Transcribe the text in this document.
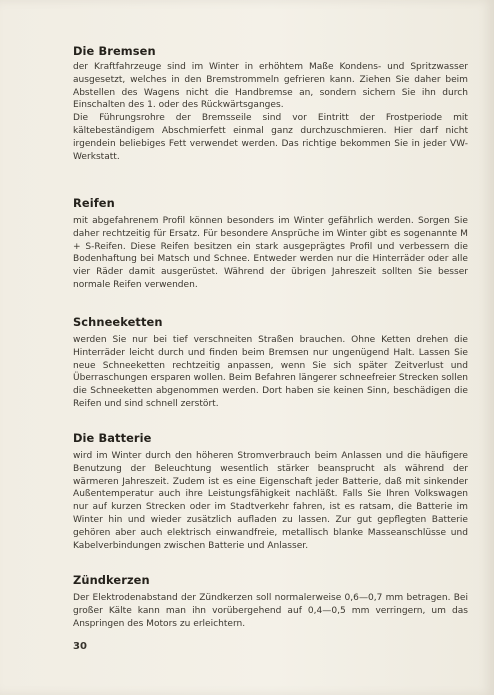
Die Bremsen

der Kraftfahrzeuge sind im Winter in erhöhtem Maße Kondens- und Spritzwasser ausgesetzt, welches in den Bremstrommeln gefrieren kann. Ziehen Sie daher beim Abstellen des Wagens nicht die Handbremse an, sondern sichern Sie ihn durch Einschalten des 1. oder des Rückwärtsganges.

Die Führungsrohre der Bremsseile sind vor Eintritt der Frostperiode mit kältebeständigem Abschmierfett einmal ganz durchzuschmieren. Hier darf nicht irgendein beliebiges Fett verwendet werden. Das richtige bekommen Sie in jeder VW-Werkstatt.

Reifen

mit abgefahrenem Profil können besonders im Winter gefährlich werden. Sorgen Sie daher rechtzeitig für Ersatz. Für besondere Ansprüche im Winter gibt es sogenannte M + S-Reifen. Diese Reifen besitzen ein stark ausgeprägtes Profil und verbessern die Bodenhaftung bei Matsch und Schnee. Entweder werden nur die Hinterräder oder alle vier Räder damit ausgerüstet. Während der übrigen Jahreszeit sollten Sie besser normale Reifen verwenden.

Schneeketten

werden Sie nur bei tief verschneiten Straßen brauchen. Ohne Ketten drehen die Hinterräder leicht durch und finden beim Bremsen nur ungenügend Halt. Lassen Sie neue Schneeketten rechtzeitig anpassen, wenn Sie sich später Zeitverlust und Überraschungen ersparen wollen. Beim Befahren längerer schneefreier Strecken sollen die Schneeketten abgenommen werden. Dort haben sie keinen Sinn, beschädigen die Reifen und sind schnell zerstört.

Die Batterie

wird im Winter durch den höheren Stromverbrauch beim Anlassen und die häufigere Benutzung der Beleuchtung wesentlich stärker beansprucht als während der wärmeren Jahreszeit. Zudem ist es eine Eigenschaft jeder Batterie, daß mit sinkender Außentemperatur auch ihre Leistungsfähigkeit nachläßt. Falls Sie Ihren Volkswagen nur auf kurzen Strecken oder im Stadtverkehr fahren, ist es ratsam, die Batterie im Winter hin und wieder zusätzlich aufladen zu lassen. Zur gut gepflegten Batterie gehören aber auch elektrisch einwandfreie, metallisch blanke Masseanschlüsse und Kabelverbindungen zwischen Batterie und Anlasser.

Zündkerzen

Der Elektrodenabstand der Zündkerzen soll normalerweise 0,6—0,7 mm betragen. Bei großer Kälte kann man ihn vorübergehend auf 0,4—0,5 mm verringern, um das Anspringen des Motors zu erleichtern.

30
